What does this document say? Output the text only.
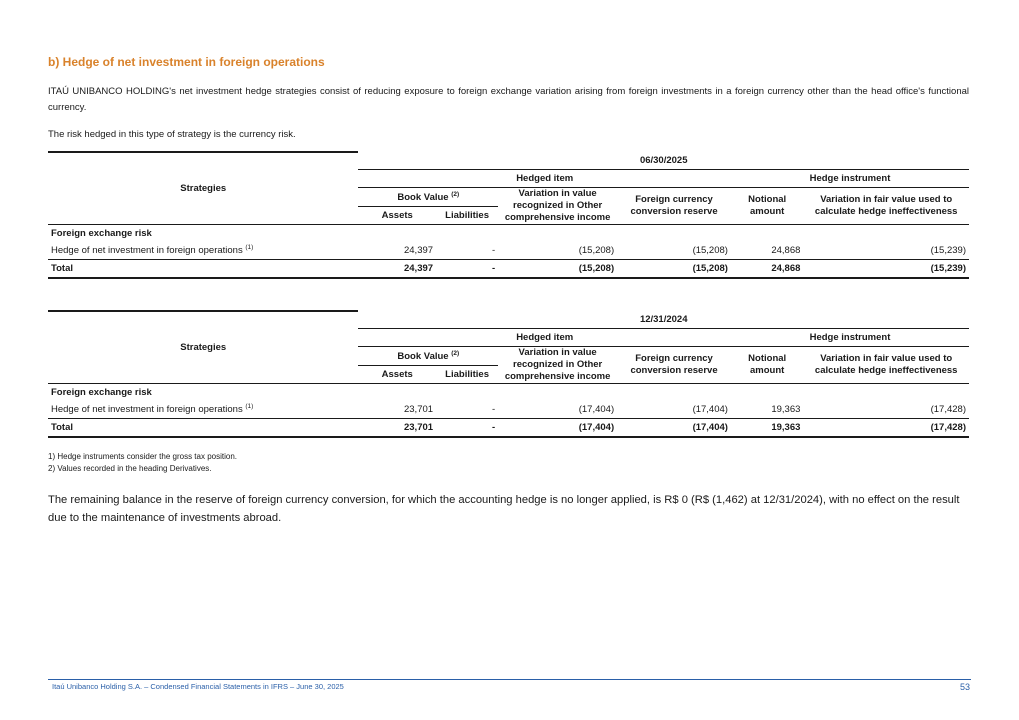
b) Hedge of net investment in foreign operations
ITAÚ UNIBANCO HOLDING's net investment hedge strategies consist of reducing exposure to foreign exchange variation arising from foreign investments in a foreign currency other than the head office's functional currency.
The risk hedged in this type of strategy is the currency risk.
Strategies	06/30/2025					
	Hedged item				Hedge instrument	
	Book Value $^{(2)}$		Variation in value recognized in Other comprehensive income	Foreign currency conversion reserve	Notional amount	Variation in fair value used to calculate hedge ineffectiveness
	Assets	Liabilities				
Foreign exchange risk						
Hedge of net investment in foreign operations $^{(1)}$	24,397	-	(15,208)	(15,208)	24,868	(15,239)
Total	24,397	-	(15,208)	(15,208)	24,868	(15,239)
Strategies	12/31/2024					
	Hedged item				Hedge instrument	
	Book Value $^{(2)}$		Variation in value recognized in Other comprehensive income	Foreign currency conversion reserve	Notional amount	Variation in fair value used to calculate hedge ineffectiveness
	Assets	Liabilities				
Foreign exchange risk						
Hedge of net investment in foreign operations $^{(1)}$	23,701	-	(17,404)	(17,404)	19,363	(17,428)
Total	23,701	-	(17,404)	(17,404)	19,363	(17,428)
1) Hedge instruments consider the gross tax position.
2) Values recorded in the heading Derivatives.
The remaining balance in the reserve of foreign currency conversion, for which the accounting hedge is no longer applied, is R$ 0 (R$ (1,462) at 12/31/2024), with no effect on the result due to the maintenance of investments abroad.
Itaú Unibanco Holding S.A. – Condensed Financial Statements in IFRS – June 30, 2025	53
